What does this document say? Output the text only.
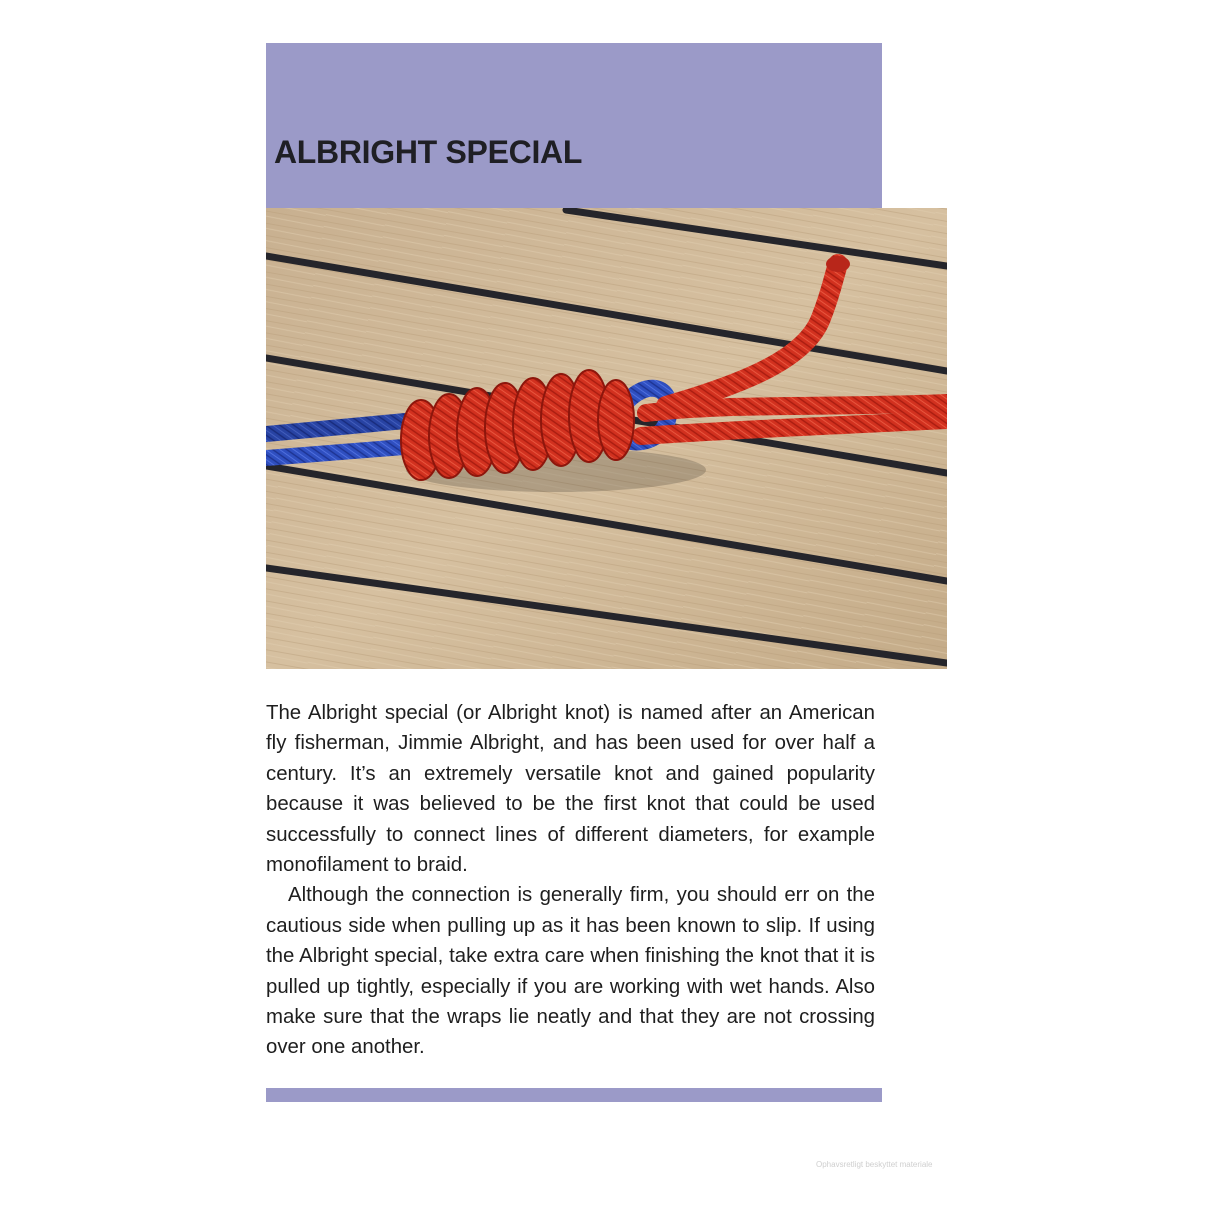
ALBRIGHT SPECIAL

The Albright special (or Albright knot) is named after an American fly fisherman, Jimmie Albright, and has been used for over half a century. It’s an extremely versatile knot and gained popularity because it was believed to be the first knot that could be used successfully to connect lines of different diameters, for example monofilament to braid.

Although the connection is generally firm, you should err on the cautious side when pulling up as it has been known to slip. If using the Albright special, take extra care when finishing the knot that it is pulled up tightly, especially if you are working with wet hands. Also make sure that the wraps lie neatly and that they are not crossing over one another.

Ophavsretligt beskyttet materiale
